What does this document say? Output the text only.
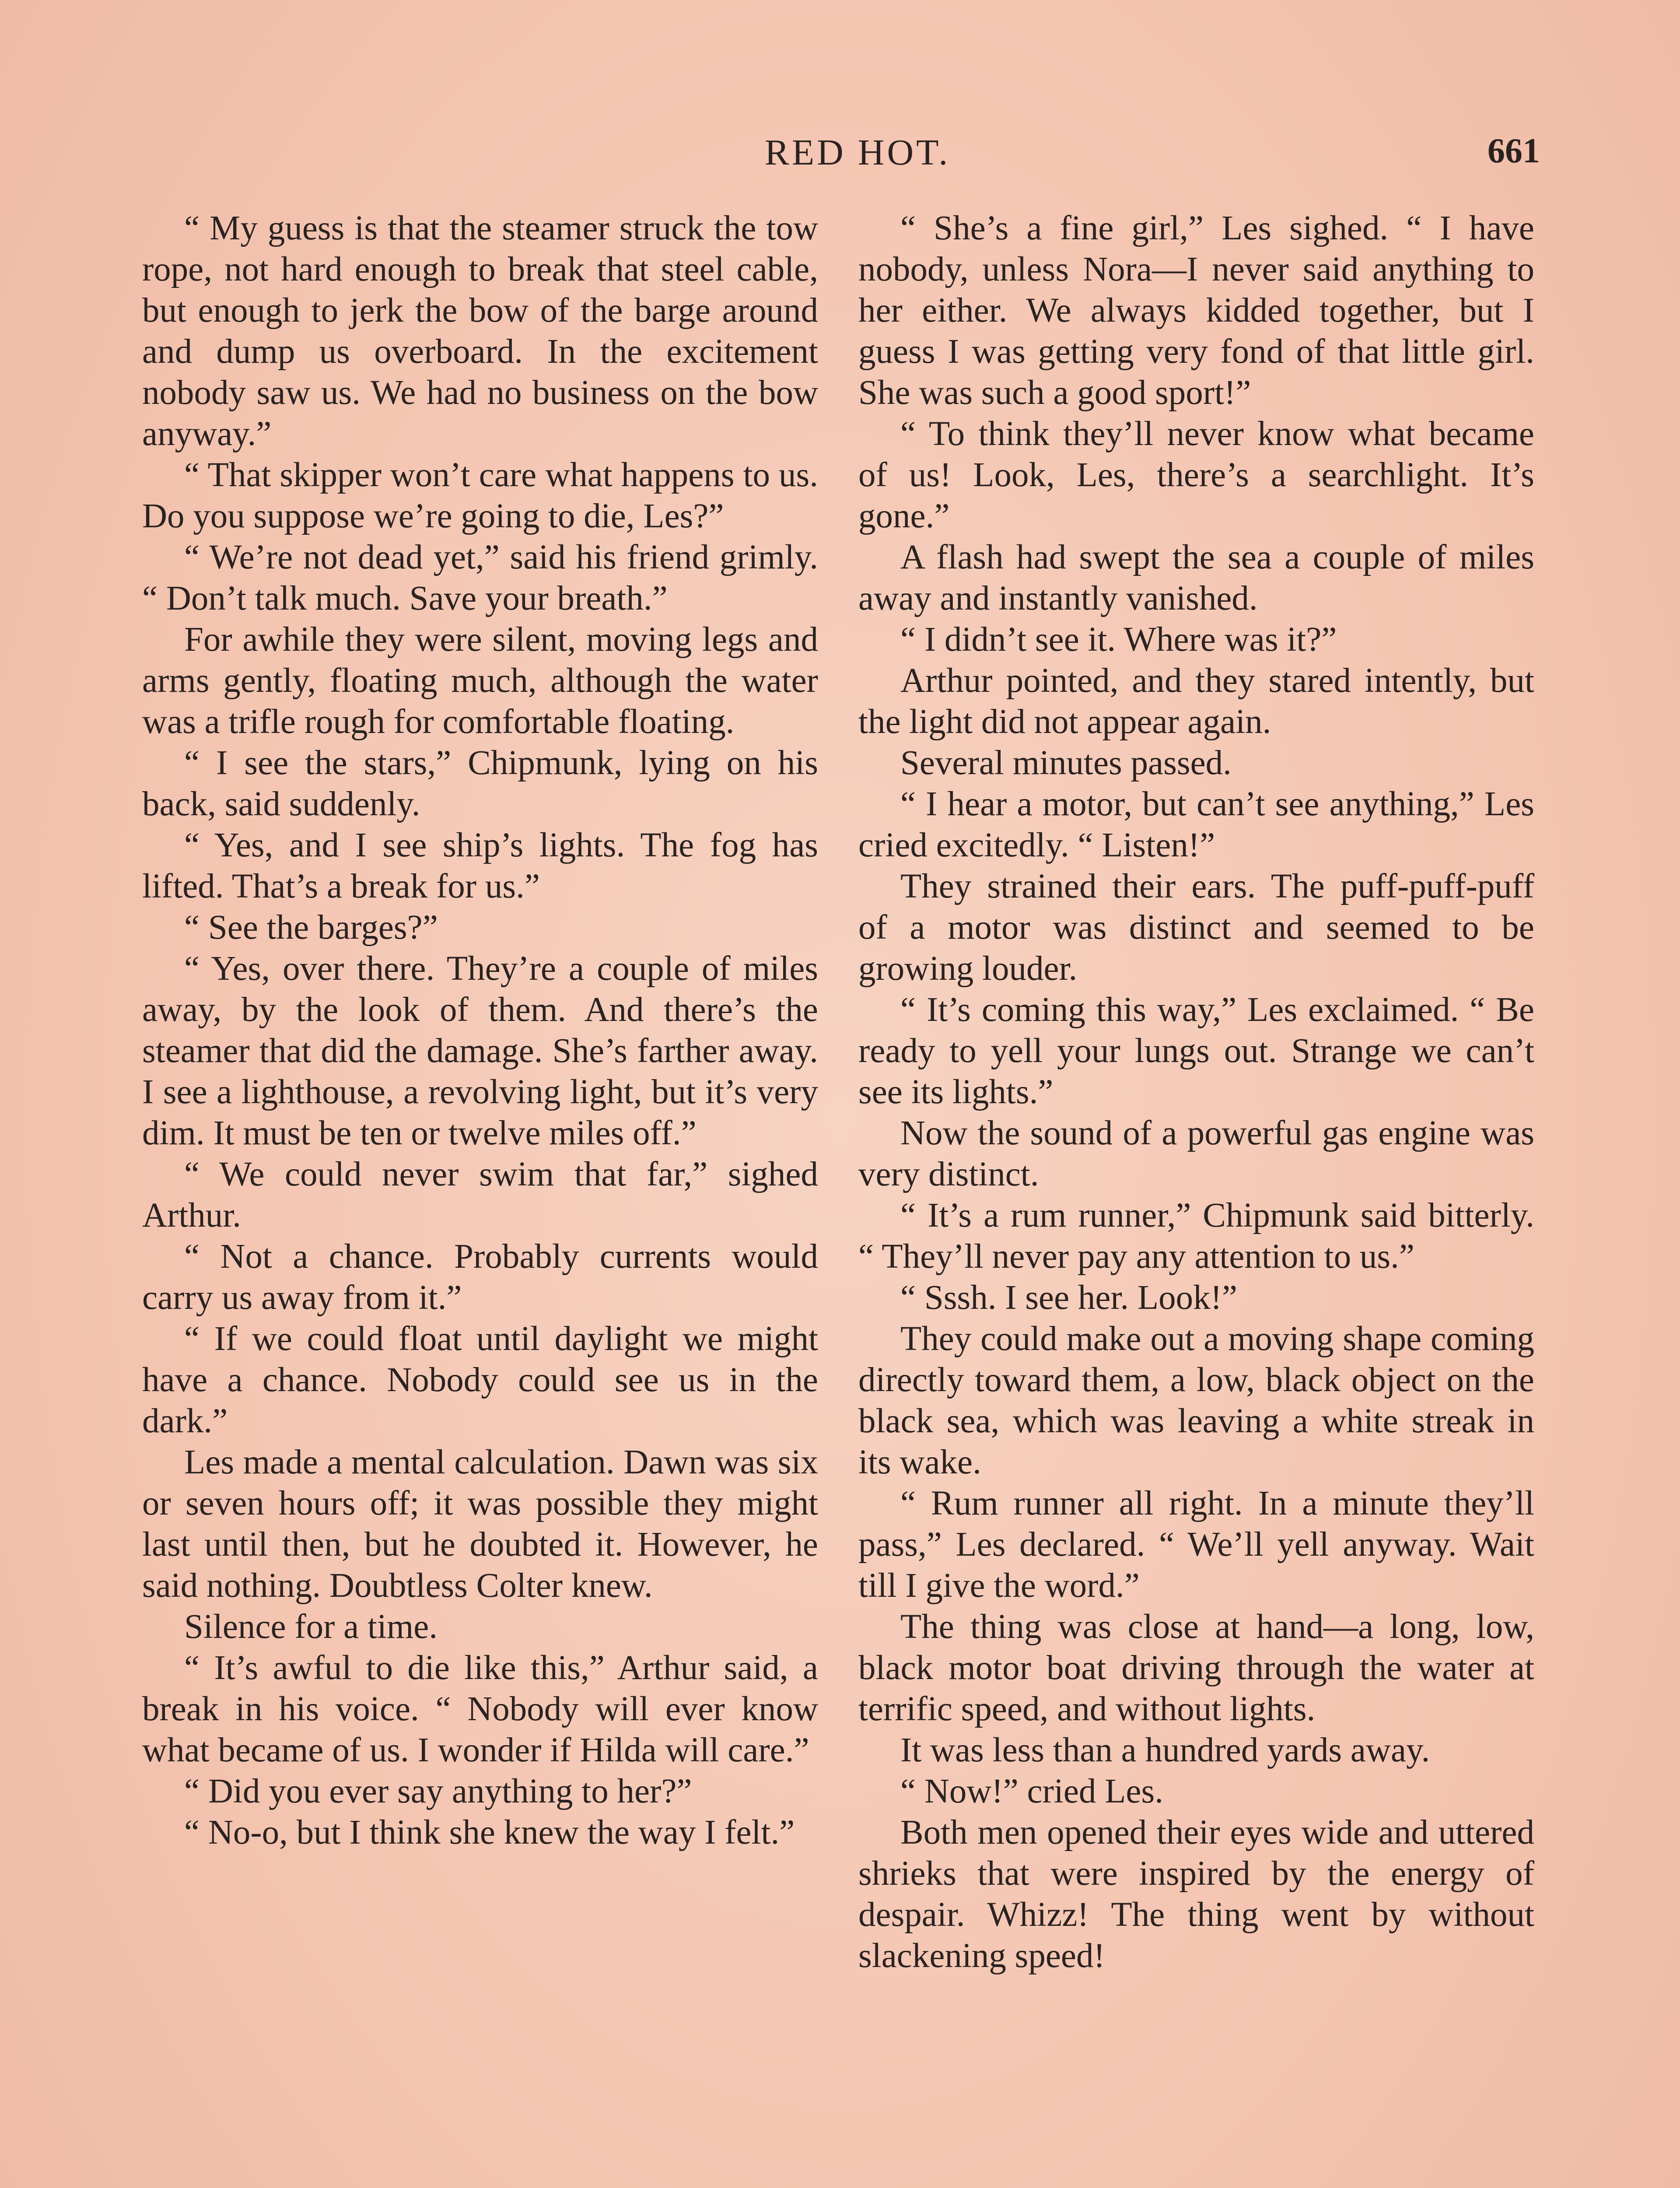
RED HOT.	661

“ My guess is that the steamer struck the tow rope, not hard enough to break that steel cable, but enough to jerk the bow of the barge around and dump us overboard. In the excitement nobody saw us. We had no business on the bow anyway.”

“ That skipper won’t care what happens to us. Do you suppose we’re going to die, Les?”

“ We’re not dead yet,” said his friend grimly. “ Don’t talk much. Save your breath.”

For awhile they were silent, moving legs and arms gently, floating much, although the water was a trifle rough for comfortable floating.

“ I see the stars,” Chipmunk, lying on his back, said suddenly.

“ Yes, and I see ship’s lights. The fog has lifted. That’s a break for us.”

“ See the barges?”

“ Yes, over there. They’re a couple of miles away, by the look of them. And there’s the steamer that did the damage. She’s farther away. I see a lighthouse, a revolving light, but it’s very dim. It must be ten or twelve miles off.”

“ We could never swim that far,” sighed Arthur.

“ Not a chance. Probably currents would carry us away from it.”

“ If we could float until daylight we might have a chance. Nobody could see us in the dark.”

Les made a mental calculation. Dawn was six or seven hours off; it was possible they might last until then, but he doubted it. However, he said nothing. Doubtless Colter knew.

Silence for a time.

“ It’s awful to die like this,” Arthur said, a break in his voice. “ Nobody will ever know what became of us. I wonder if Hilda will care.”

“ Did you ever say anything to her?”

“ No-o, but I think she knew the way I felt.”

“ She’s a fine girl,” Les sighed. “ I have nobody, unless Nora—I never said anything to her either. We always kidded together, but I guess I was getting very fond of that little girl. She was such a good sport!”

“ To think they’ll never know what became of us! Look, Les, there’s a searchlight. It’s gone.”

A flash had swept the sea a couple of miles away and instantly vanished.

“ I didn’t see it. Where was it?”

Arthur pointed, and they stared intently, but the light did not appear again.

Several minutes passed.

“ I hear a motor, but can’t see anything,” Les cried excitedly. “ Listen!”

They strained their ears. The puff-puff-puff of a motor was distinct and seemed to be growing louder.

“ It’s coming this way,” Les exclaimed. “ Be ready to yell your lungs out. Strange we can’t see its lights.”

Now the sound of a powerful gas engine was very distinct.

“ It’s a rum runner,” Chipmunk said bitterly. “ They’ll never pay any attention to us.”

“ Sssh. I see her. Look!”

They could make out a moving shape coming directly toward them, a low, black object on the black sea, which was leaving a white streak in its wake.

“ Rum runner all right. In a minute they’ll pass,” Les declared. “ We’ll yell anyway. Wait till I give the word.”

The thing was close at hand—a long, low, black motor boat driving through the water at terrific speed, and without lights.

It was less than a hundred yards away.

“ Now!” cried Les.

Both men opened their eyes wide and uttered shrieks that were inspired by the energy of despair. Whizz! The thing went by without slackening speed!
